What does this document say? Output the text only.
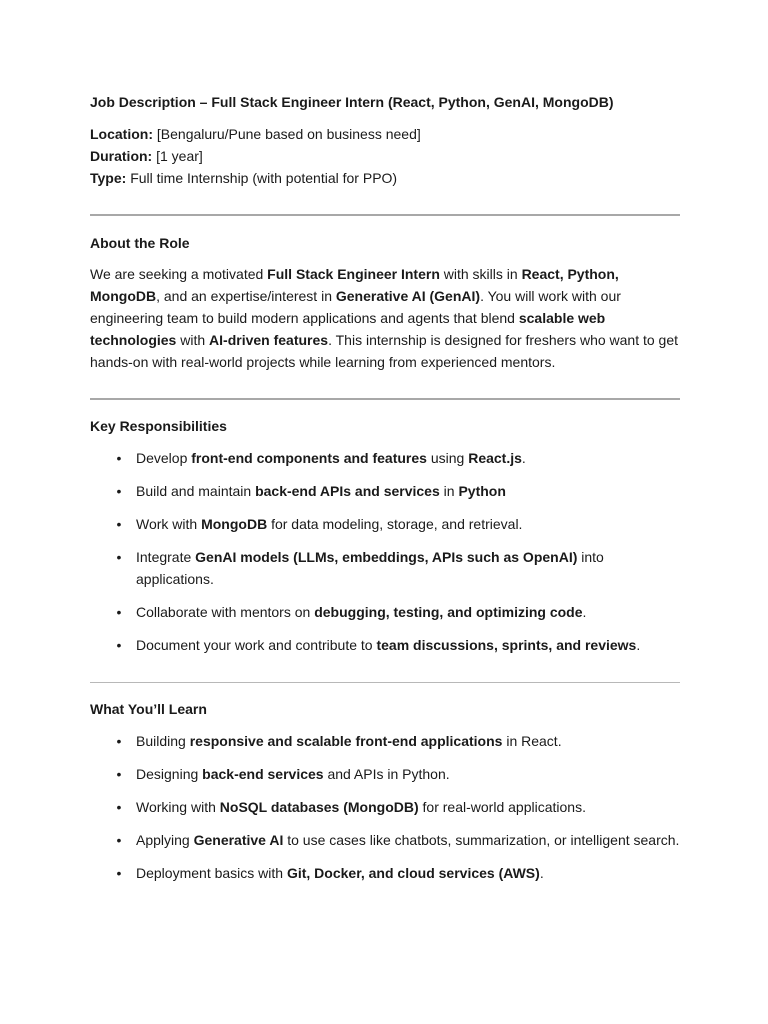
Job Description – Full Stack Engineer Intern (React, Python, GenAI, MongoDB)

Location: [Bengaluru/Pune based on business need]

Duration: [1 year]

Type: Full time Internship (with potential for PPO)

About the Role

We are seeking a motivated Full Stack Engineer Intern with skills in React, Python, MongoDB, and an expertise/interest in Generative AI (GenAI). You will work with our engineering team to build modern applications and agents that blend scalable web technologies with AI-driven features. This internship is designed for freshers who want to get hands-on with real-world projects while learning from experienced mentors.

Key Responsibilities

• Develop front-end components and features using React.js.
• Build and maintain back-end APIs and services in Python
• Work with MongoDB for data modeling, storage, and retrieval.
• Integrate GenAI models (LLMs, embeddings, APIs such as OpenAI) into applications.
• Collaborate with mentors on debugging, testing, and optimizing code.
• Document your work and contribute to team discussions, sprints, and reviews.

What You’ll Learn

• Building responsive and scalable front-end applications in React.
• Designing back-end services and APIs in Python.
• Working with NoSQL databases (MongoDB) for real-world applications.
• Applying Generative AI to use cases like chatbots, summarization, or intelligent search.
• Deployment basics with Git, Docker, and cloud services (AWS).
